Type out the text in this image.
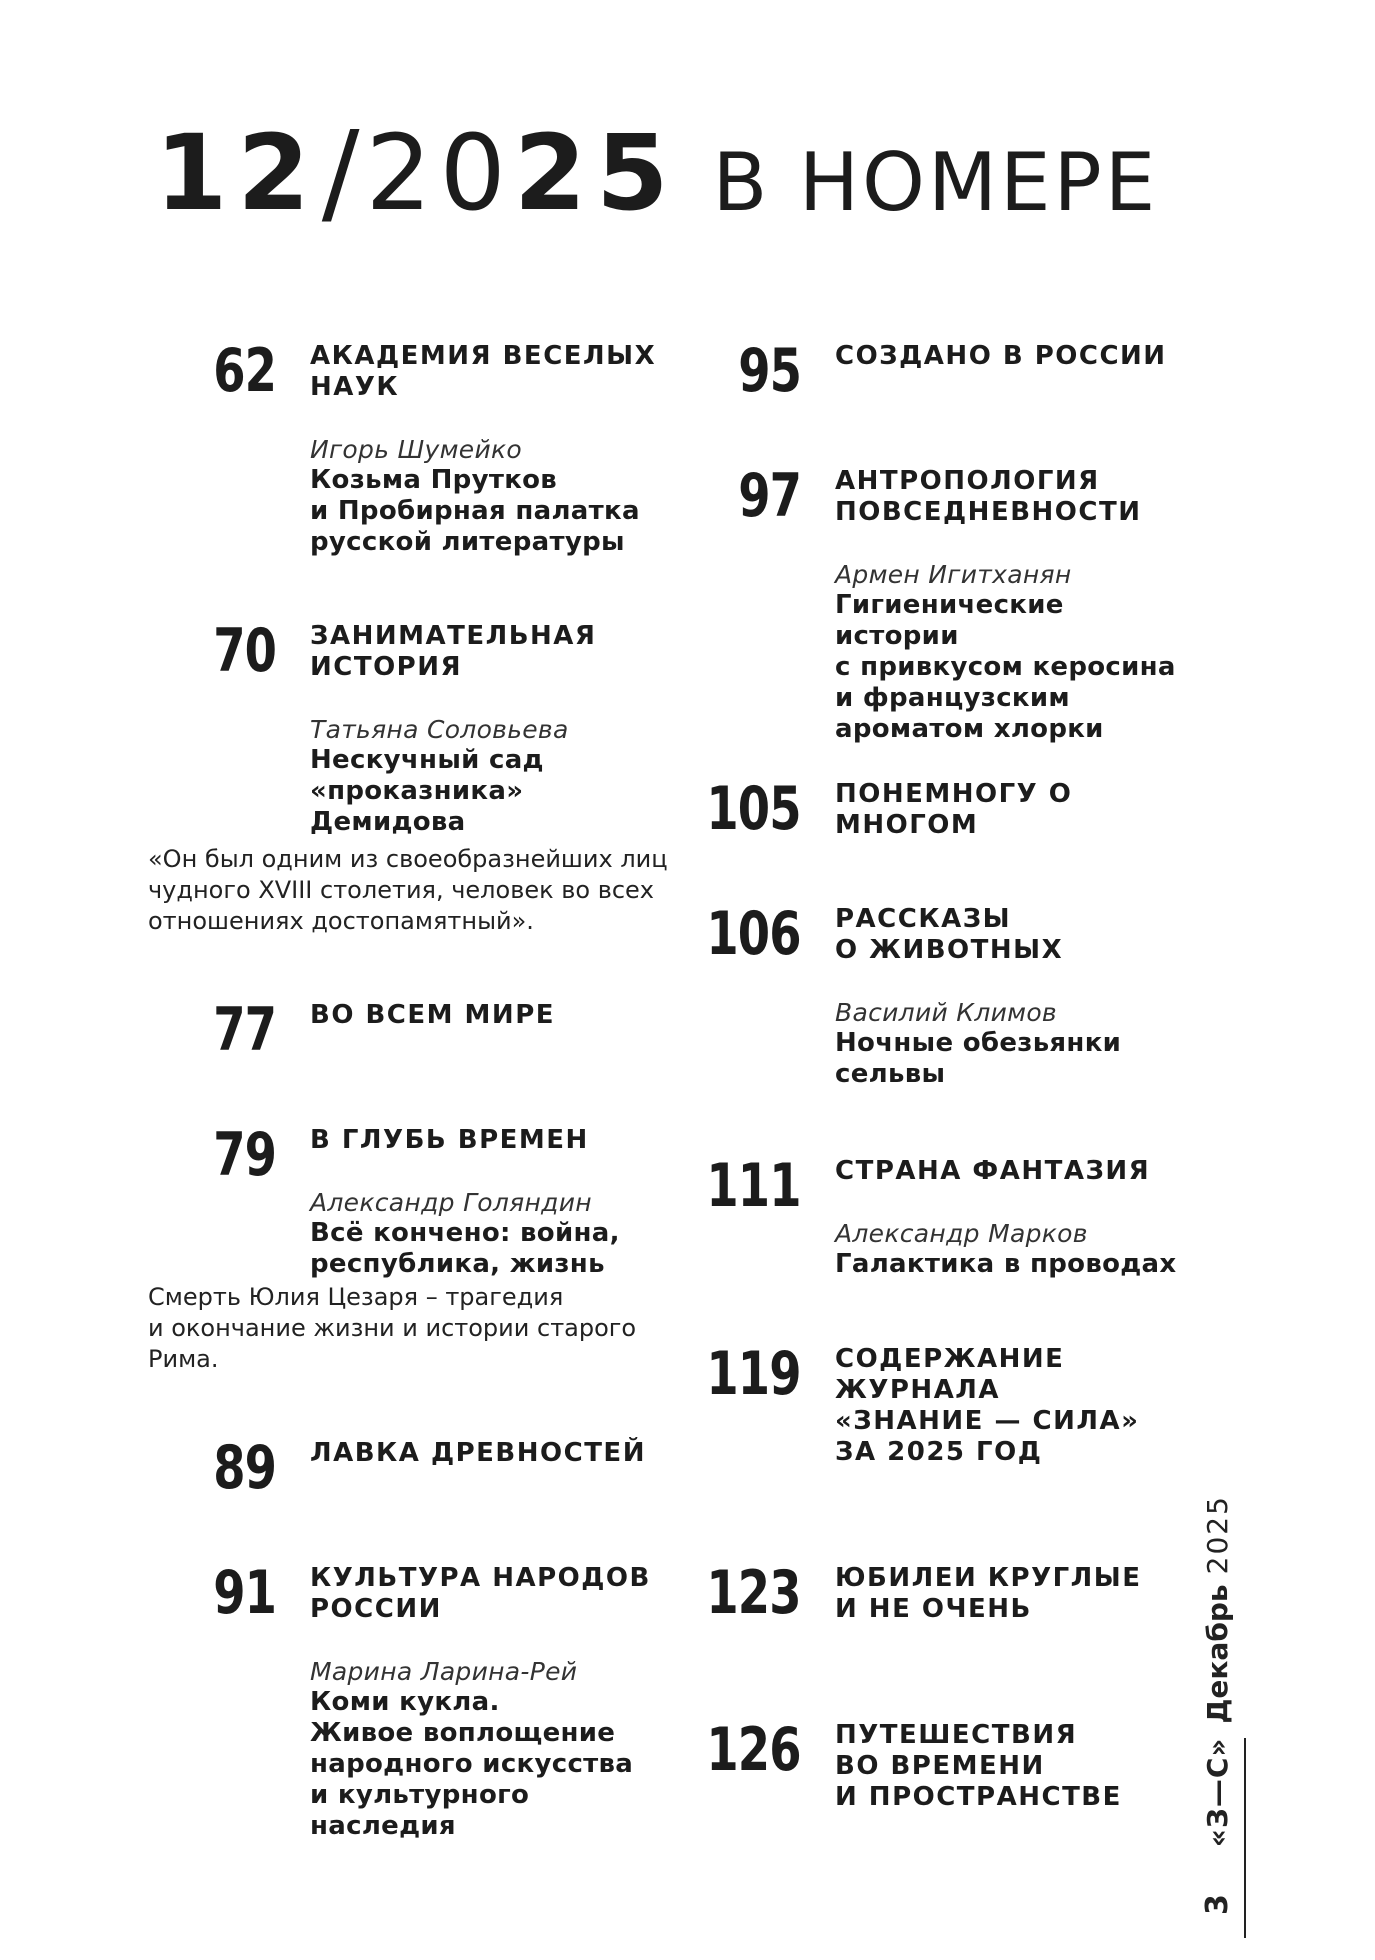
12/2025 В НОМЕРЕ
62 АКАДЕМИЯ ВЕСЕЛЫХ
НАУК
Игорь Шумейко
Козьма Прутков
и Пробирная палатка
русской литературы
70 ЗАНИМАТЕЛЬНАЯ
ИСТОРИЯ
Татьяна Соловьева
Нескучный сад
«проказника»
Демидова
«Он был одним из своеобразнейших лиц
чудного XVIII столетия, человек во всех
отношениях достопамятный».
77 ВО ВСЕМ МИРЕ
79 В ГЛУБЬ ВРЕМЕН
Александр Голяндин
Всё кончено: война,
республика, жизнь
Смерть Юлия Цезаря – трагедия
и окончание жизни и истории старого
Рима.
89 ЛАВКА ДРЕВНОСТЕЙ
91 КУЛЬТУРА НАРОДОВ
РОССИИ
Марина Ларина-Рей
Коми кукла.
Живое воплощение
народного искусства
и культурного наследия
95 СОЗДАНО В РОССИИ
97 АНТРОПОЛОГИЯ
ПОВСЕДНЕВНОСТИ
Армен Игитханян
Гигиенические истории
с привкусом керосина
и французским
ароматом хлорки
105 ПОНЕМНОГУ О МНОГОМ
106 РАССКАЗЫ
О ЖИВОТНЫХ
Василий Климов
Ночные обезьянки
сельвы
111 СТРАНА ФАНТАЗИЯ
Александр Марков
Галактика в проводах
119 СОДЕРЖАНИЕ
ЖУРНАЛА
«ЗНАНИЕ — СИЛА»
ЗА 2025 ГОД
123 ЮБИЛЕИ КРУГЛЫЕ
И НЕ ОЧЕНЬ
126 ПУТЕШЕСТВИЯ
ВО ВРЕМЕНИ
И ПРОСТРАНСТВЕ
3«З—С»Декабрь2025
